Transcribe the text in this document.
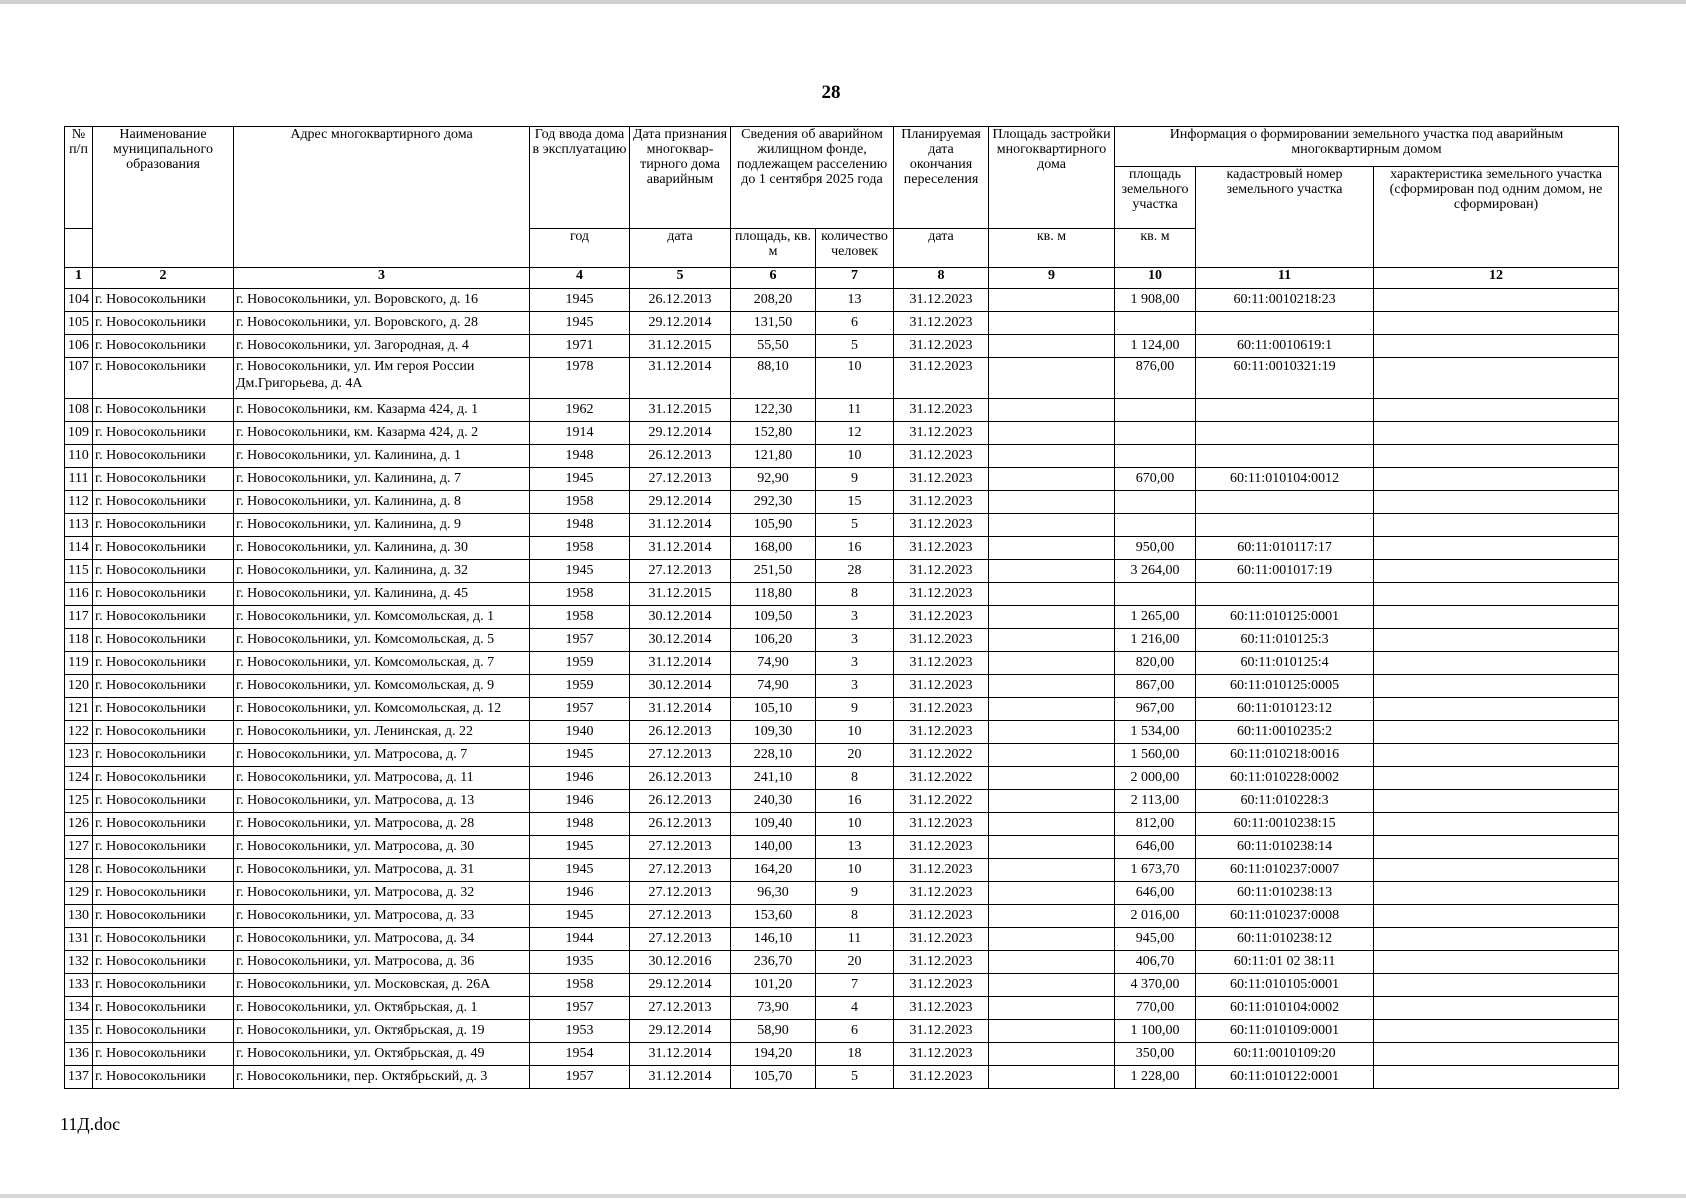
28
№ п/п	Наименование муниципального образования	Адрес многоквартирного дома	Год ввода дома в эксплуатацию	Дата признания многоквар-тирного дома аварийным	Сведения об аварийном жилищном фонде, подлежащем расселению до 1 сентября 2025 года		Планируемая дата окончания переселения	Площадь застройки многоквартирного дома	Информация о формировании земельного участка под аварийным многоквартирным домом		
									площадь земельного участка	кадастровый номер земельного участка	характеристика земельного участка (сформирован под одним домом, не сформирован)
			год	дата	площадь, кв. м	количество человек	дата	кв. м	кв. м		
1	2	3	4	5	6	7	8	9	10	11	12
104	г. Новосокольники	г. Новосокольники, ул. Воровского, д. 16	1945	26.12.2013	208,20	13	31.12.2023		1 908,00	60:11:0010218:23	
105	г. Новосокольники	г. Новосокольники, ул. Воровского, д. 28	1945	29.12.2014	131,50	6	31.12.2023				
106	г. Новосокольники	г. Новосокольники, ул. Загородная, д. 4	1971	31.12.2015	55,50	5	31.12.2023		1 124,00	60:11:0010619:1	
107	г. Новосокольники	г. Новосокольники, ул. Им героя России Дм.Григорьева, д. 4А	1978	31.12.2014	88,10	10	31.12.2023		876,00	60:11:0010321:19	
108	г. Новосокольники	г. Новосокольники, км. Казарма 424, д. 1	1962	31.12.2015	122,30	11	31.12.2023				
109	г. Новосокольники	г. Новосокольники, км. Казарма 424, д. 2	1914	29.12.2014	152,80	12	31.12.2023				
110	г. Новосокольники	г. Новосокольники, ул. Калинина, д. 1	1948	26.12.2013	121,80	10	31.12.2023				
111	г. Новосокольники	г. Новосокольники, ул. Калинина, д. 7	1945	27.12.2013	92,90	9	31.12.2023		670,00	60:11:010104:0012	
112	г. Новосокольники	г. Новосокольники, ул. Калинина, д. 8	1958	29.12.2014	292,30	15	31.12.2023				
113	г. Новосокольники	г. Новосокольники, ул. Калинина, д. 9	1948	31.12.2014	105,90	5	31.12.2023				
114	г. Новосокольники	г. Новосокольники, ул. Калинина, д. 30	1958	31.12.2014	168,00	16	31.12.2023		950,00	60:11:010117:17	
115	г. Новосокольники	г. Новосокольники, ул. Калинина, д. 32	1945	27.12.2013	251,50	28	31.12.2023		3 264,00	60:11:001017:19	
116	г. Новосокольники	г. Новосокольники, ул. Калинина, д. 45	1958	31.12.2015	118,80	8	31.12.2023				
117	г. Новосокольники	г. Новосокольники, ул. Комсомольская, д. 1	1958	30.12.2014	109,50	3	31.12.2023		1 265,00	60:11:010125:0001	
118	г. Новосокольники	г. Новосокольники, ул. Комсомольская, д. 5	1957	30.12.2014	106,20	3	31.12.2023		1 216,00	60:11:010125:3	
119	г. Новосокольники	г. Новосокольники, ул. Комсомольская, д. 7	1959	31.12.2014	74,90	3	31.12.2023		820,00	60:11:010125:4	
120	г. Новосокольники	г. Новосокольники, ул. Комсомольская, д. 9	1959	30.12.2014	74,90	3	31.12.2023		867,00	60:11:010125:0005	
121	г. Новосокольники	г. Новосокольники, ул. Комсомольская, д. 12	1957	31.12.2014	105,10	9	31.12.2023		967,00	60:11:010123:12	
122	г. Новосокольники	г. Новосокольники, ул. Ленинская, д. 22	1940	26.12.2013	109,30	10	31.12.2023		1 534,00	60:11:0010235:2	
123	г. Новосокольники	г. Новосокольники, ул. Матросова, д. 7	1945	27.12.2013	228,10	20	31.12.2022		1 560,00	60:11:010218:0016	
124	г. Новосокольники	г. Новосокольники, ул. Матросова, д. 11	1946	26.12.2013	241,10	8	31.12.2022		2 000,00	60:11:010228:0002	
125	г. Новосокольники	г. Новосокольники, ул. Матросова, д. 13	1946	26.12.2013	240,30	16	31.12.2022		2 113,00	60:11:010228:3	
126	г. Новосокольники	г. Новосокольники, ул. Матросова, д. 28	1948	26.12.2013	109,40	10	31.12.2023		812,00	60:11:0010238:15	
127	г. Новосокольники	г. Новосокольники, ул. Матросова, д. 30	1945	27.12.2013	140,00	13	31.12.2023		646,00	60:11:010238:14	
128	г. Новосокольники	г. Новосокольники, ул. Матросова, д. 31	1945	27.12.2013	164,20	10	31.12.2023		1 673,70	60:11:010237:0007	
129	г. Новосокольники	г. Новосокольники, ул. Матросова, д. 32	1946	27.12.2013	96,30	9	31.12.2023		646,00	60:11:010238:13	
130	г. Новосокольники	г. Новосокольники, ул. Матросова, д. 33	1945	27.12.2013	153,60	8	31.12.2023		2 016,00	60:11:010237:0008	
131	г. Новосокольники	г. Новосокольники, ул. Матросова, д. 34	1944	27.12.2013	146,10	11	31.12.2023		945,00	60:11:010238:12	
132	г. Новосокольники	г. Новосокольники, ул. Матросова, д. 36	1935	30.12.2016	236,70	20	31.12.2023		406,70	60:11:01 02 38:11	
133	г. Новосокольники	г. Новосокольники, ул. Московская, д. 26А	1958	29.12.2014	101,20	7	31.12.2023		4 370,00	60:11:010105:0001	
134	г. Новосокольники	г. Новосокольники, ул. Октябрьская, д. 1	1957	27.12.2013	73,90	4	31.12.2023		770,00	60:11:010104:0002	
135	г. Новосокольники	г. Новосокольники, ул. Октябрьская, д. 19	1953	29.12.2014	58,90	6	31.12.2023		1 100,00	60:11:010109:0001	
136	г. Новосокольники	г. Новосокольники, ул. Октябрьская, д. 49	1954	31.12.2014	194,20	18	31.12.2023		350,00	60:11:0010109:20	
137	г. Новосокольники	г. Новосокольники, пер. Октябрьский, д. 3	1957	31.12.2014	105,70	5	31.12.2023		1 228,00	60:11:010122:0001	
11Д.doc
